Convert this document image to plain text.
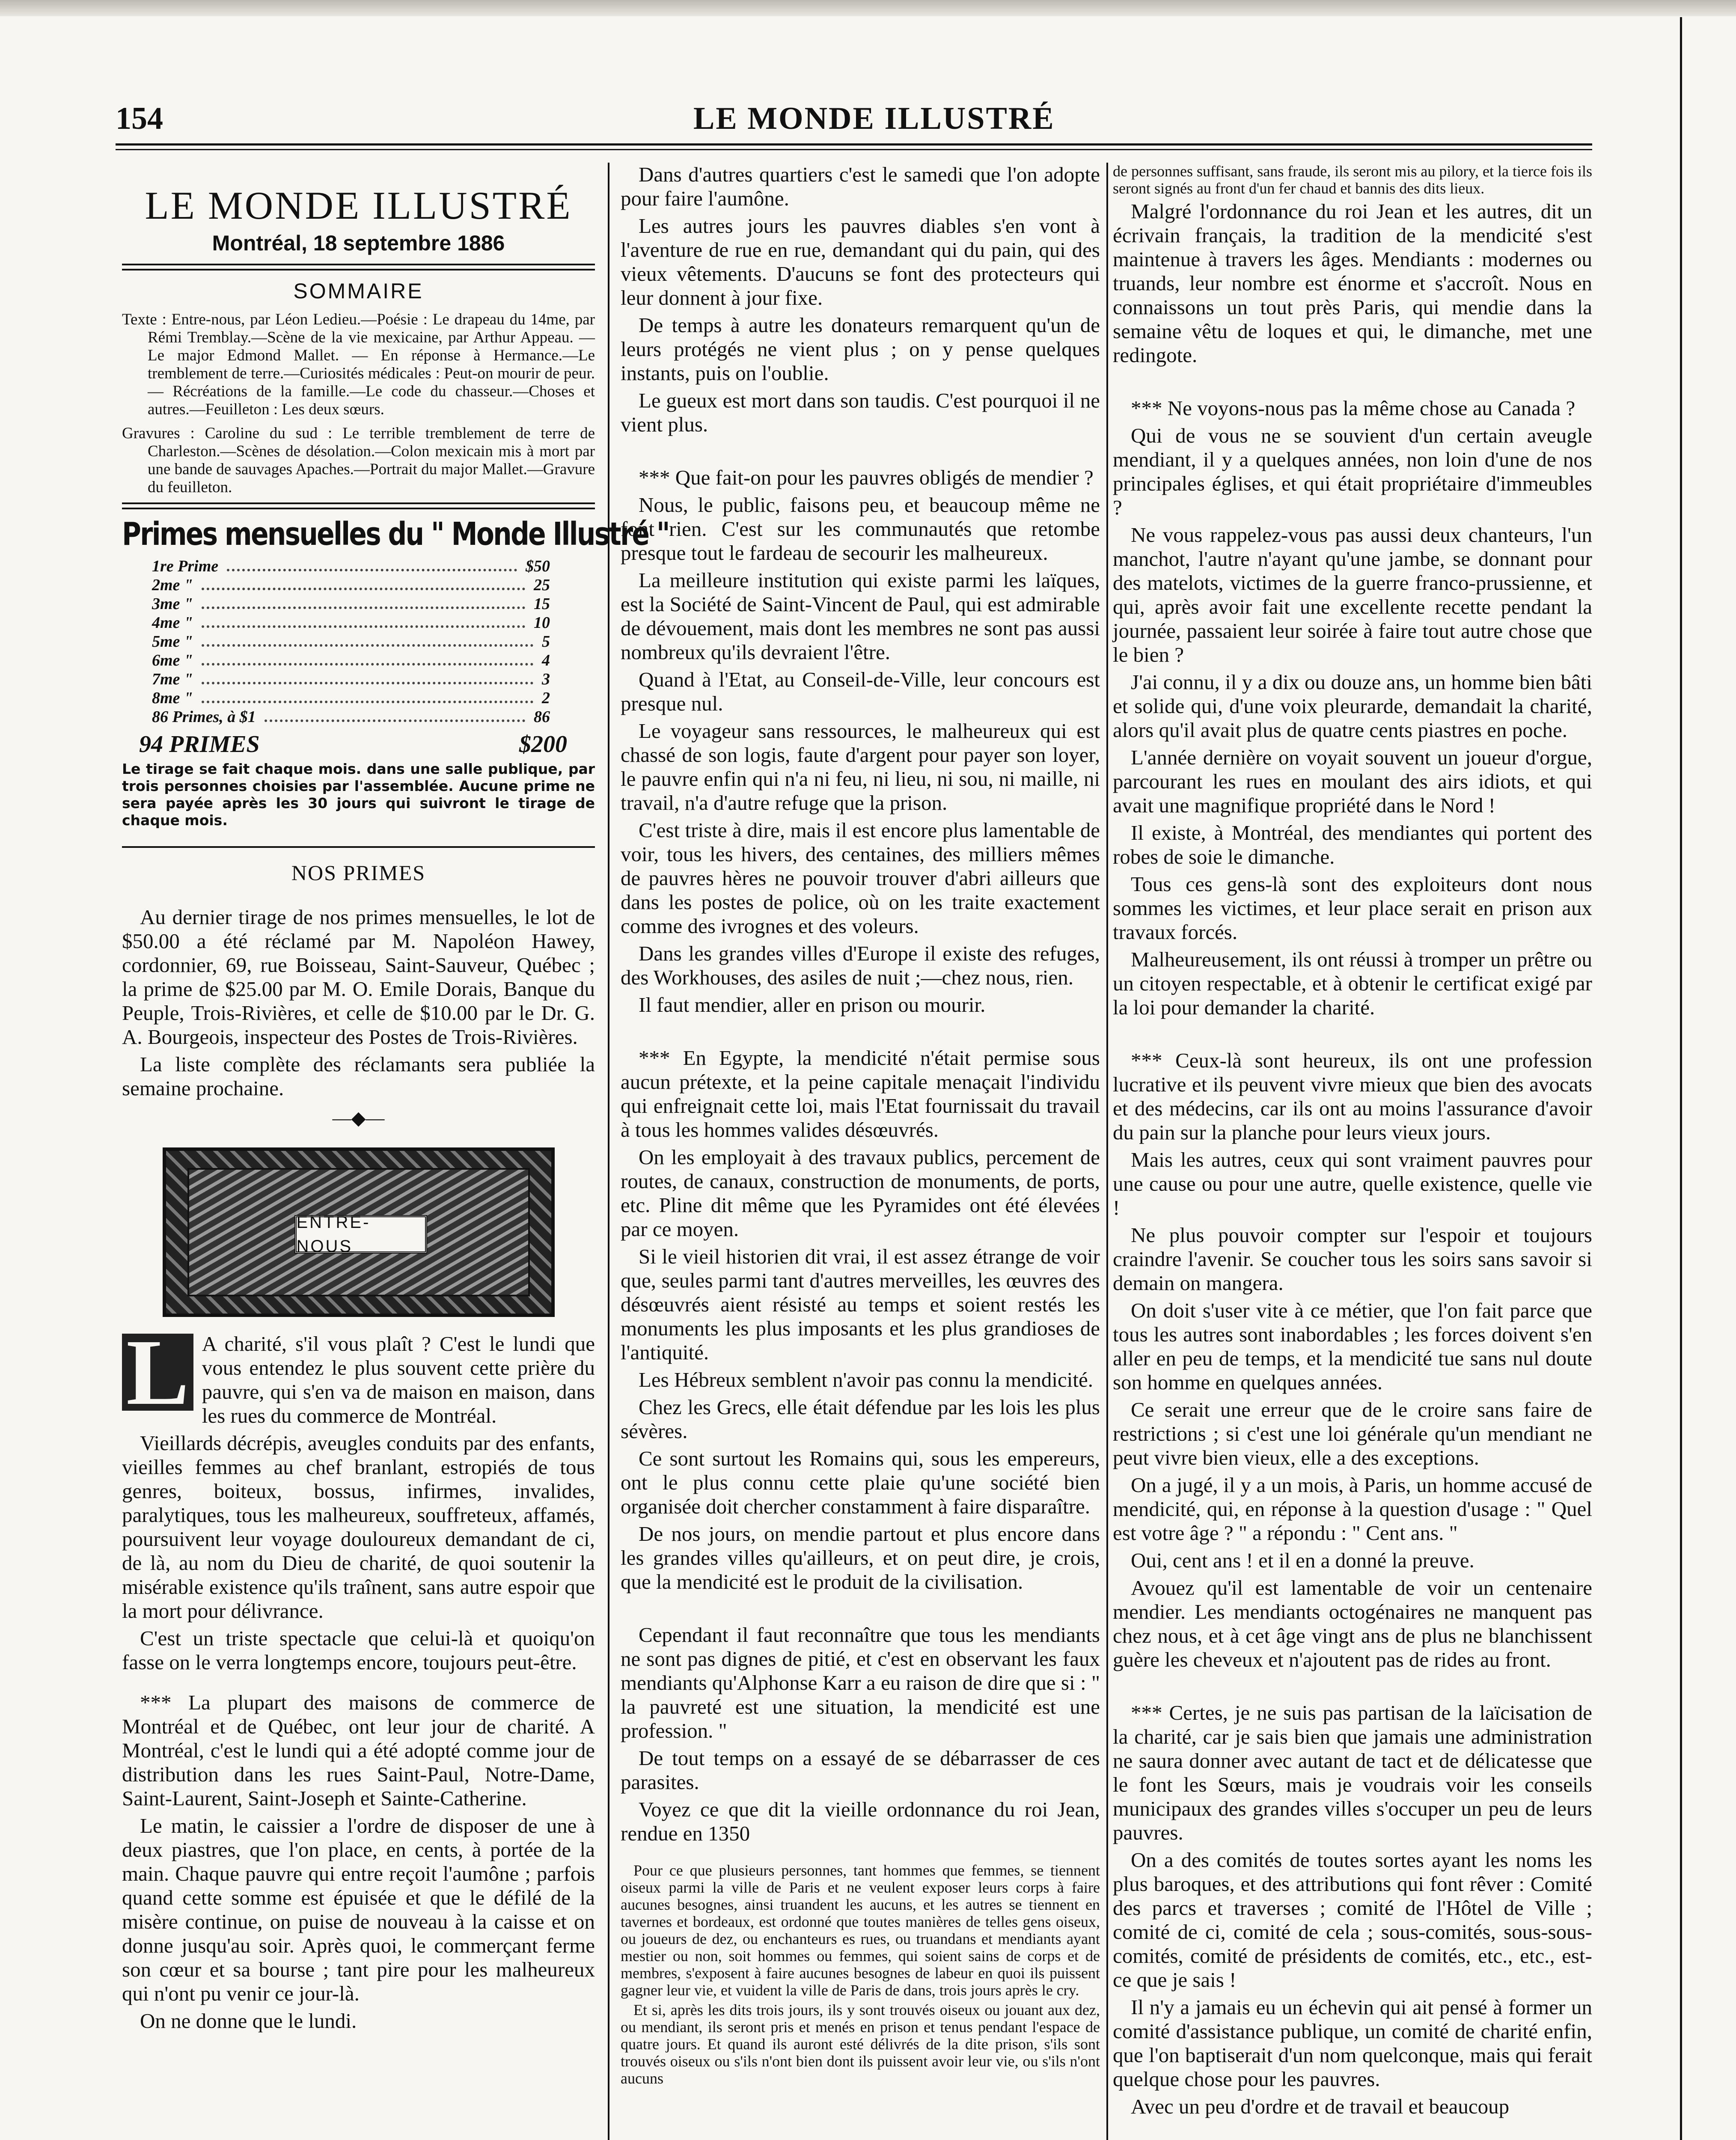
154	LE MONDE ILLUSTRÉ
LE MONDE ILLUSTRÉ
Montréal, 18 septembre 1886
SOMMAIRE
Texte : Entre-nous, par Léon Ledieu.—Poésie : Le drapeau du 14me, par Rémi Tremblay.—Scène de la vie mexicaine, par Arthur Appeau. — Le major Edmond Mallet. — En réponse à Hermance.—Le tremblement de terre.—Curiosités médicales : Peut-on mourir de peur. — Récréations de la famille.—Le code du chasseur.—Choses et autres.—Feuilleton : Les deux sœurs.
Gravures : Caroline du sud : Le terrible tremblement de terre de Charleston.—Scènes de désolation.—Colon mexicain mis à mort par une bande de sauvages Apaches.—Portrait du major Mallet.—Gravure du feuilleton.
Primes mensuelles du " Monde Illustré "
1re Prime	$50
2me "	25
3me "	15
4me "	10
5me "	5
6me "	4
7me "	3
8me "	2
86 Primes, à $1	86
94 PRIMES	$200
Le tirage se fait chaque mois. dans une salle publique, par trois personnes choisies par l'assemblée. Aucune prime ne sera payée après les 30 jours qui suivront le tirage de chaque mois.
NOS PRIMES

Au dernier tirage de nos primes mensuelles, le lot de $50.00 a été réclamé par M. Napoléon Hawey, cordonnier, 69, rue Boisseau, Saint-Sauveur, Québec ; la prime de $25.00 par M. O. Emile Dorais, Banque du Peuple, Trois-Rivières, et celle de $10.00 par le Dr. G. A. Bourgeois, inspecteur des Postes de Trois-Rivières.

La liste complète des réclamants sera publiée la semaine prochaine.

—◆—
ENTRE-NOUS
L A charité, s'il vous plaît ? C'est le lundi que vous entendez le plus souvent cette prière du pauvre, qui s'en va de maison en maison, dans les rues du commerce de Montréal.

Vieillards décrépis, aveugles conduits par des enfants, vieilles femmes au chef branlant, estropiés de tous genres, boiteux, bossus, infirmes, invalides, paralytiques, tous les malheureux, souffreteux, affamés, poursuivent leur voyage douloureux demandant de ci, de là, au nom du Dieu de charité, de quoi soutenir la misérable existence qu'ils traînent, sans autre espoir que la mort pour délivrance.

C'est un triste spectacle que celui-là et quoiqu'on fasse on le verra longtemps encore, toujours peut-être.

*** La plupart des maisons de commerce de Montréal et de Québec, ont leur jour de charité. A Montréal, c'est le lundi qui a été adopté comme jour de distribution dans les rues Saint-Paul, Notre-Dame, Saint-Laurent, Saint-Joseph et Sainte-Catherine.

Le matin, le caissier a l'ordre de disposer de une à deux piastres, que l'on place, en cents, à portée de la main. Chaque pauvre qui entre reçoit l'aumône ; parfois quand cette somme est épuisée et que le défilé de la misère continue, on puise de nouveau à la caisse et on donne jusqu'au soir. Après quoi, le commerçant ferme son cœur et sa bourse ; tant pire pour les malheureux qui n'ont pu venir ce jour-là.

On ne donne que le lundi.

Dans d'autres quartiers c'est le samedi que l'on adopte pour faire l'aumône.

Les autres jours les pauvres diables s'en vont à l'aventure de rue en rue, demandant qui du pain, qui des vieux vêtements. D'aucuns se font des protecteurs qui leur donnent à jour fixe.

De temps à autre les donateurs remarquent qu'un de leurs protégés ne vient plus ; on y pense quelques instants, puis on l'oublie.

Le gueux est mort dans son taudis. C'est pourquoi il ne vient plus.

*** Que fait-on pour les pauvres obligés de mendier ?

Nous, le public, faisons peu, et beaucoup même ne font rien. C'est sur les communautés que retombe presque tout le fardeau de secourir les malheureux.

La meilleure institution qui existe parmi les laïques, est la Société de Saint-Vincent de Paul, qui est admirable de dévouement, mais dont les membres ne sont pas aussi nombreux qu'ils devraient l'être.

Quand à l'Etat, au Conseil-de-Ville, leur concours est presque nul.

Le voyageur sans ressources, le malheureux qui est chassé de son logis, faute d'argent pour payer son loyer, le pauvre enfin qui n'a ni feu, ni lieu, ni sou, ni maille, ni travail, n'a d'autre refuge que la prison.

C'est triste à dire, mais il est encore plus lamentable de voir, tous les hivers, des centaines, des milliers mêmes de pauvres hères ne pouvoir trouver d'abri ailleurs que dans les postes de police, où on les traite exactement comme des ivrognes et des voleurs.

Dans les grandes villes d'Europe il existe des refuges, des Workhouses, des asiles de nuit ;—chez nous, rien.

Il faut mendier, aller en prison ou mourir.

*** En Egypte, la mendicité n'était permise sous aucun prétexte, et la peine capitale menaçait l'individu qui enfreignait cette loi, mais l'Etat fournissait du travail à tous les hommes valides désœuvrés.

On les employait à des travaux publics, percement de routes, de canaux, construction de monuments, de ports, etc. Pline dit même que les Pyramides ont été élevées par ce moyen.

Si le vieil historien dit vrai, il est assez étrange de voir que, seules parmi tant d'autres merveilles, les œuvres des désœuvrés aient résisté au temps et soient restés les monuments les plus imposants et les plus grandioses de l'antiquité.

Les Hébreux semblent n'avoir pas connu la mendicité.

Chez les Grecs, elle était défendue par les lois les plus sévères.

Ce sont surtout les Romains qui, sous les empereurs, ont le plus connu cette plaie qu'une société bien organisée doit chercher constamment à faire disparaître.

De nos jours, on mendie partout et plus encore dans les grandes villes qu'ailleurs, et on peut dire, je crois, que la mendicité est le produit de la civilisation.

Cependant il faut reconnaître que tous les mendiants ne sont pas dignes de pitié, et c'est en observant les faux mendiants qu'Alphonse Karr a eu raison de dire que si : " la pauvreté est une situation, la mendicité est une profession. "

De tout temps on a essayé de se débarrasser de ces parasites.

Voyez ce que dit la vieille ordonnance du roi Jean, rendue en 1350

Pour ce que plusieurs personnes, tant hommes que femmes, se tiennent oiseux parmi la ville de Paris et ne veulent exposer leurs corps à faire aucunes besognes, ainsi truandent les aucuns, et les autres se tiennent en tavernes et bordeaux, est ordonné que toutes manières de telles gens oiseux, ou joueurs de dez, ou enchanteurs es rues, ou truandans et mendiants ayant mestier ou non, soit hommes ou femmes, qui soient sains de corps et de membres, s'exposent à faire aucunes besognes de labeur en quoi ils puissent gagner leur vie, et vuident la ville de Paris de dans, trois jours après le cry.
Et si, après les dits trois jours, ils y sont trouvés oiseux ou jouant aux dez, ou mendiant, ils seront pris et menés en prison et tenus pendant l'espace de quatre jours. Et quand ils auront esté délivrés de la dite prison, s'ils sont trouvés oiseux ou s'ils n'ont bien dont ils puissent avoir leur vie, ou s'ils n'ont aucuns
de personnes suffisant, sans fraude, ils seront mis au pilory, et la tierce fois ils seront signés au front d'un fer chaud et bannis des dits lieux.

Malgré l'ordonnance du roi Jean et les autres, dit un écrivain français, la tradition de la mendicité s'est maintenue à travers les âges. Mendiants : modernes ou truands, leur nombre est énorme et s'accroît. Nous en connaissons un tout près Paris, qui mendie dans la semaine vêtu de loques et qui, le dimanche, met une redingote.

*** Ne voyons-nous pas la même chose au Canada ?

Qui de vous ne se souvient d'un certain aveugle mendiant, il y a quelques années, non loin d'une de nos principales églises, et qui était propriétaire d'immeubles ?

Ne vous rappelez-vous pas aussi deux chanteurs, l'un manchot, l'autre n'ayant qu'une jambe, se donnant pour des matelots, victimes de la guerre franco-prussienne, et qui, après avoir fait une excellente recette pendant la journée, passaient leur soirée à faire tout autre chose que le bien ?

J'ai connu, il y a dix ou douze ans, un homme bien bâti et solide qui, d'une voix pleurarde, demandait la charité, alors qu'il avait plus de quatre cents piastres en poche.

L'année dernière on voyait souvent un joueur d'orgue, parcourant les rues en moulant des airs idiots, et qui avait une magnifique propriété dans le Nord !

Il existe, à Montréal, des mendiantes qui portent des robes de soie le dimanche.

Tous ces gens-là sont des exploiteurs dont nous sommes les victimes, et leur place serait en prison aux travaux forcés.

Malheureusement, ils ont réussi à tromper un prêtre ou un citoyen respectable, et à obtenir le certificat exigé par la loi pour demander la charité.

*** Ceux-là sont heureux, ils ont une profession lucrative et ils peuvent vivre mieux que bien des avocats et des médecins, car ils ont au moins l'assurance d'avoir du pain sur la planche pour leurs vieux jours.

Mais les autres, ceux qui sont vraiment pauvres pour une cause ou pour une autre, quelle existence, quelle vie !

Ne plus pouvoir compter sur l'espoir et toujours craindre l'avenir. Se coucher tous les soirs sans savoir si demain on mangera.

On doit s'user vite à ce métier, que l'on fait parce que tous les autres sont inabordables ; les forces doivent s'en aller en peu de temps, et la mendicité tue sans nul doute son homme en quelques années.

Ce serait une erreur que de le croire sans faire de restrictions ; si c'est une loi générale qu'un mendiant ne peut vivre bien vieux, elle a des exceptions.

On a jugé, il y a un mois, à Paris, un homme accusé de mendicité, qui, en réponse à la question d'usage : " Quel est votre âge ? " a répondu : " Cent ans. "

Oui, cent ans ! et il en a donné la preuve.

Avouez qu'il est lamentable de voir un centenaire mendier. Les mendiants octogénaires ne manquent pas chez nous, et à cet âge vingt ans de plus ne blanchissent guère les cheveux et n'ajoutent pas de rides au front.

*** Certes, je ne suis pas partisan de la laïcisation de la charité, car je sais bien que jamais une administration ne saura donner avec autant de tact et de délicatesse que le font les Sœurs, mais je voudrais voir les conseils municipaux des grandes villes s'occuper un peu de leurs pauvres.

On a des comités de toutes sortes ayant les noms les plus baroques, et des attributions qui font rêver : Comité des parcs et traverses ; comité de l'Hôtel de Ville ; comité de ci, comité de cela ; sous-comités, sous-sous-comités, comité de présidents de comités, etc., etc., est-ce que je sais !

Il n'y a jamais eu un échevin qui ait pensé à former un comité d'assistance publique, un comité de charité enfin, que l'on baptiserait d'un nom quelconque, mais qui ferait quelque chose pour les pauvres.

Avec un peu d'ordre et de travail et beaucoup
